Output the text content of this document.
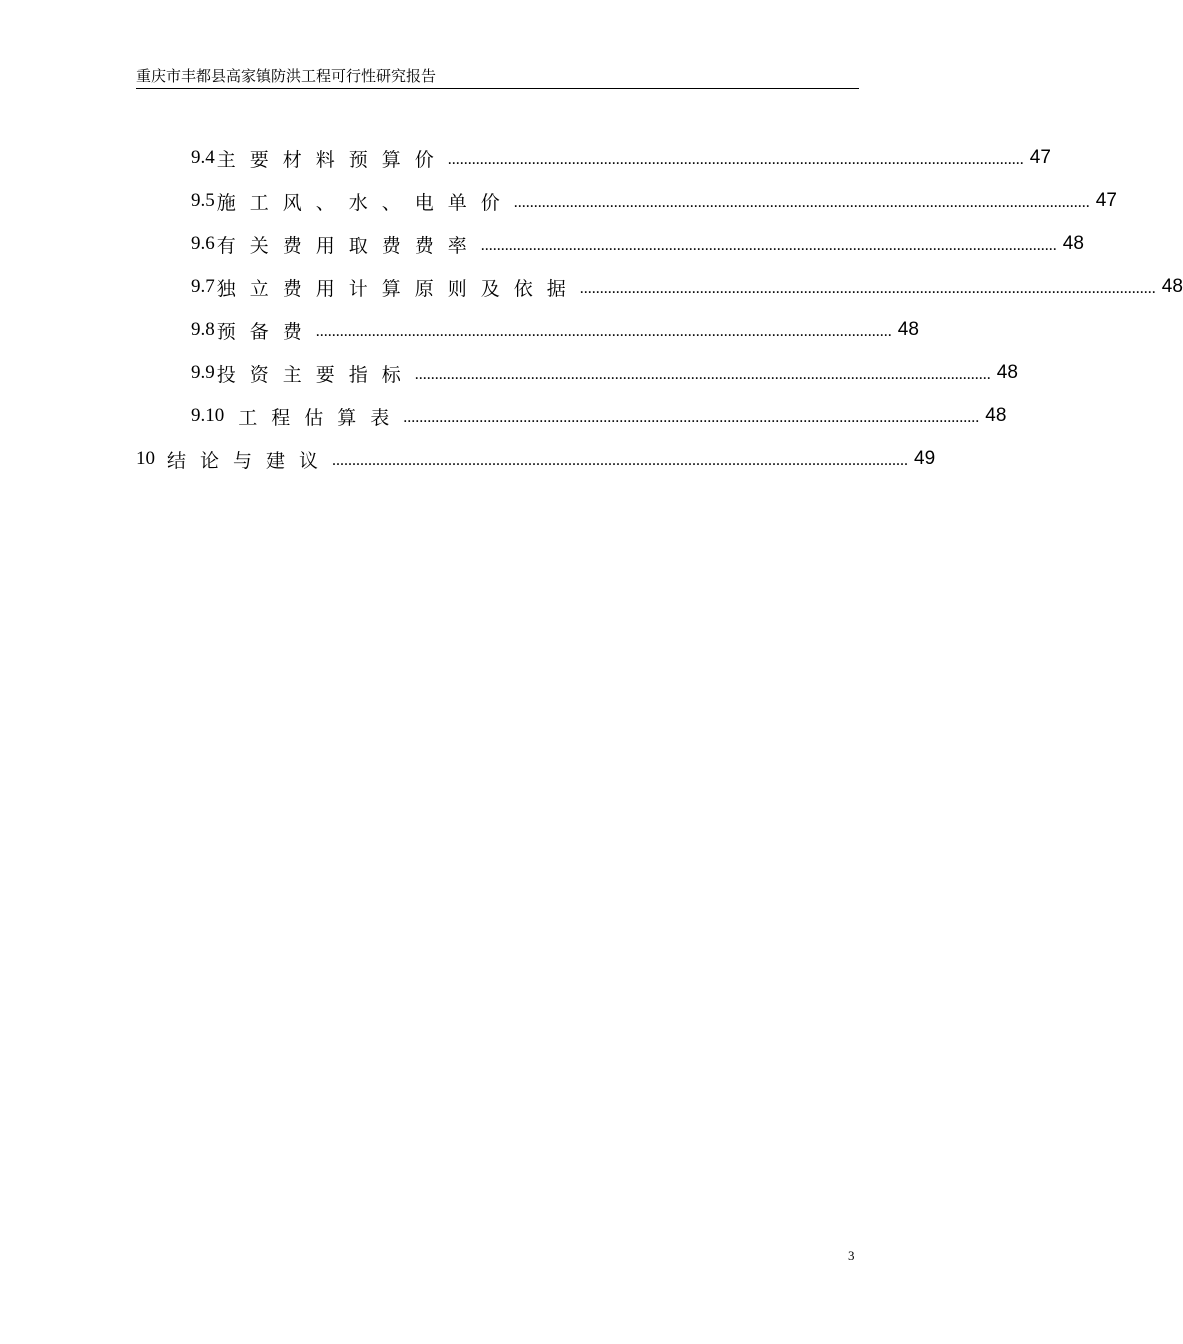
重庆市丰都县高家镇防洪工程可行性研究报告
9.4 主要材料预算价 ................................................................................................................................................ 47
9.5 施工风、水、电单价 ................................................................................................................................................ 47
9.6 有关费用取费费率 ................................................................................................................................................ 48
9.7 独立费用计算原则及依据 ................................................................................................................................................ 48
9.8 预备费 ................................................................................................................................................ 48
9.9 投资主要指标 ................................................................................................................................................ 48
9.10 工程估算表 ................................................................................................................................................ 48
10 结论与建议 ................................................................................................................................................ 49
3
